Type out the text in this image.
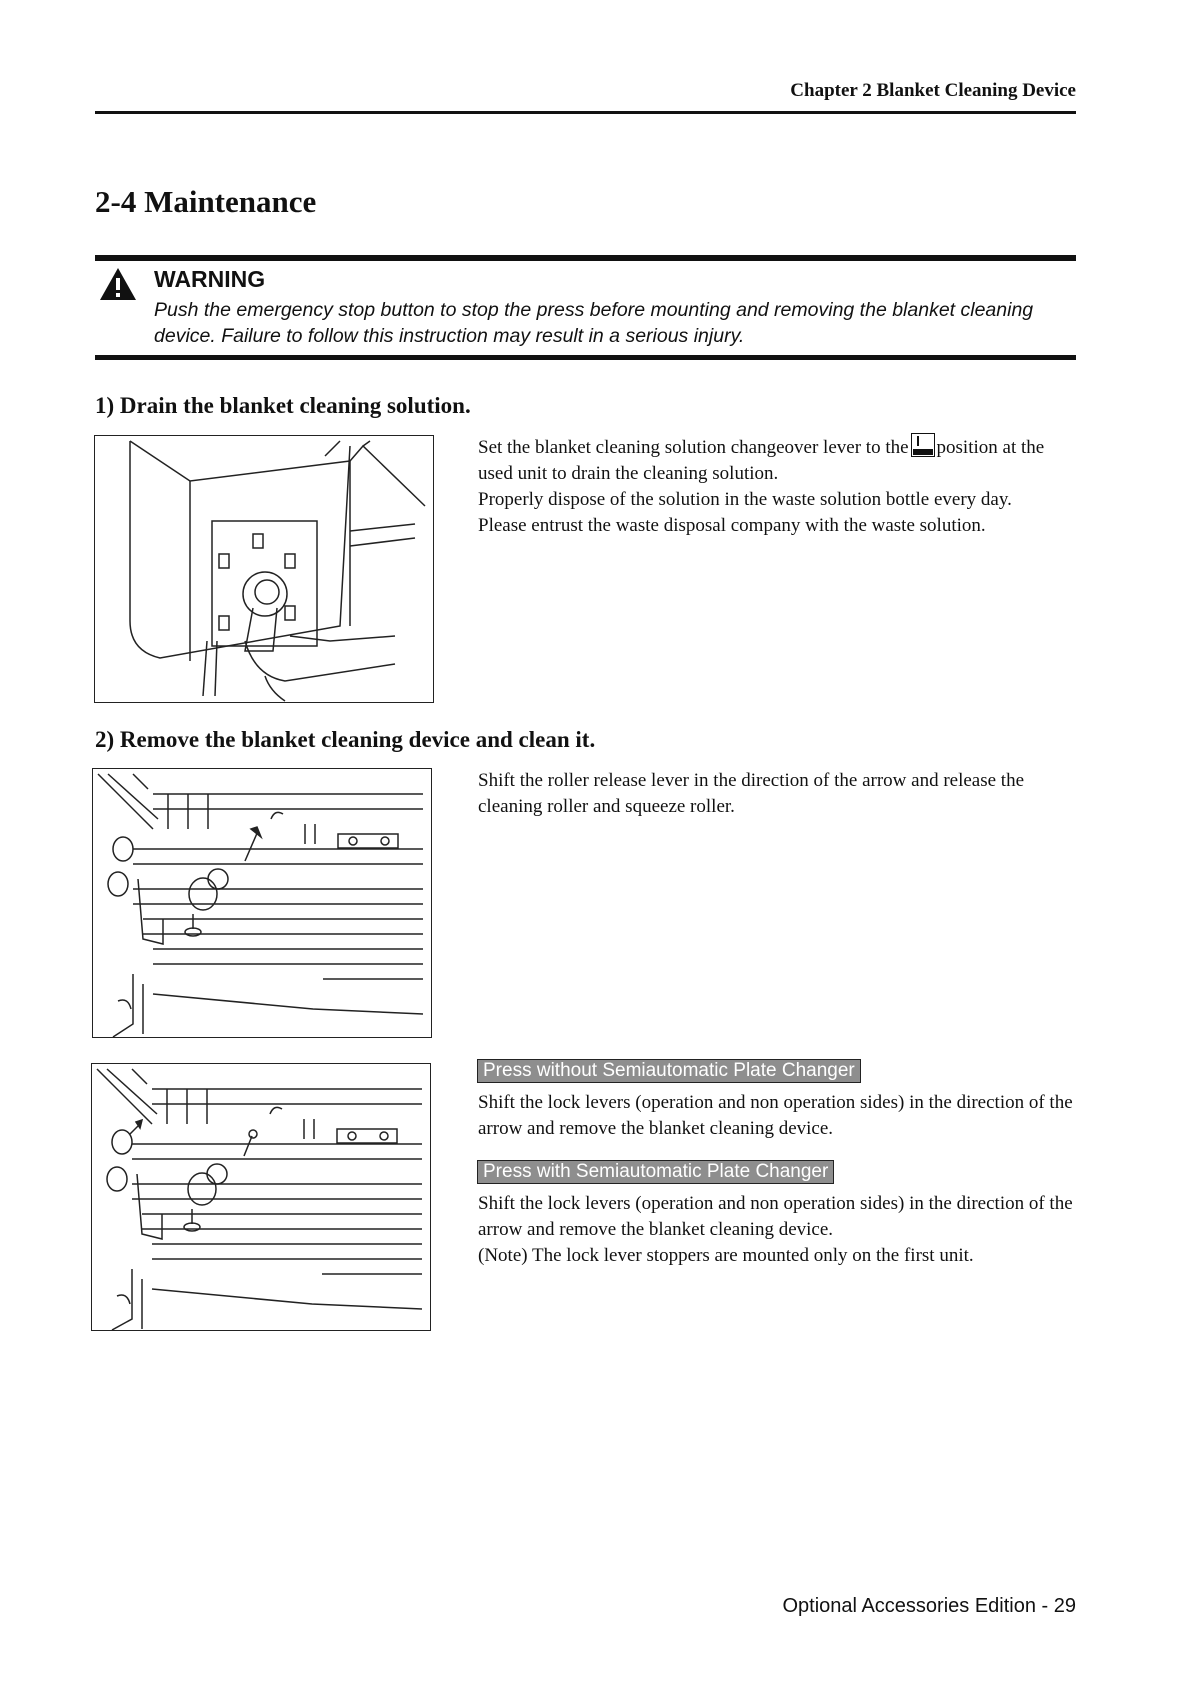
Chapter 2 Blanket Cleaning Device
2-4 Maintenance
WARNING
Push the emergency stop button to stop the press before mounting and removing the blanket cleaning device. Failure to follow this instruction may result in a serious injury.
1) Drain the blanket cleaning solution.
Set the blanket cleaning solution changeover lever to the position at the used unit to drain the cleaning solution.
Properly dispose of the solution in the waste solution bottle every day.
Please entrust the waste disposal company with the waste solution.
2) Remove the blanket cleaning device and clean it.
Shift the roller release lever in the direction of the arrow and release the cleaning roller and squeeze roller.
Press without Semiautomatic Plate Changer
Shift the lock levers (operation and non operation sides) in the direction of the arrow and remove the blanket cleaning device.
Press with Semiautomatic Plate Changer
Shift the lock levers (operation and non operation sides) in the direction of the arrow and remove the blanket cleaning device.
(Note) The lock lever stoppers are mounted only on the first unit.
Optional Accessories Edition - 29
